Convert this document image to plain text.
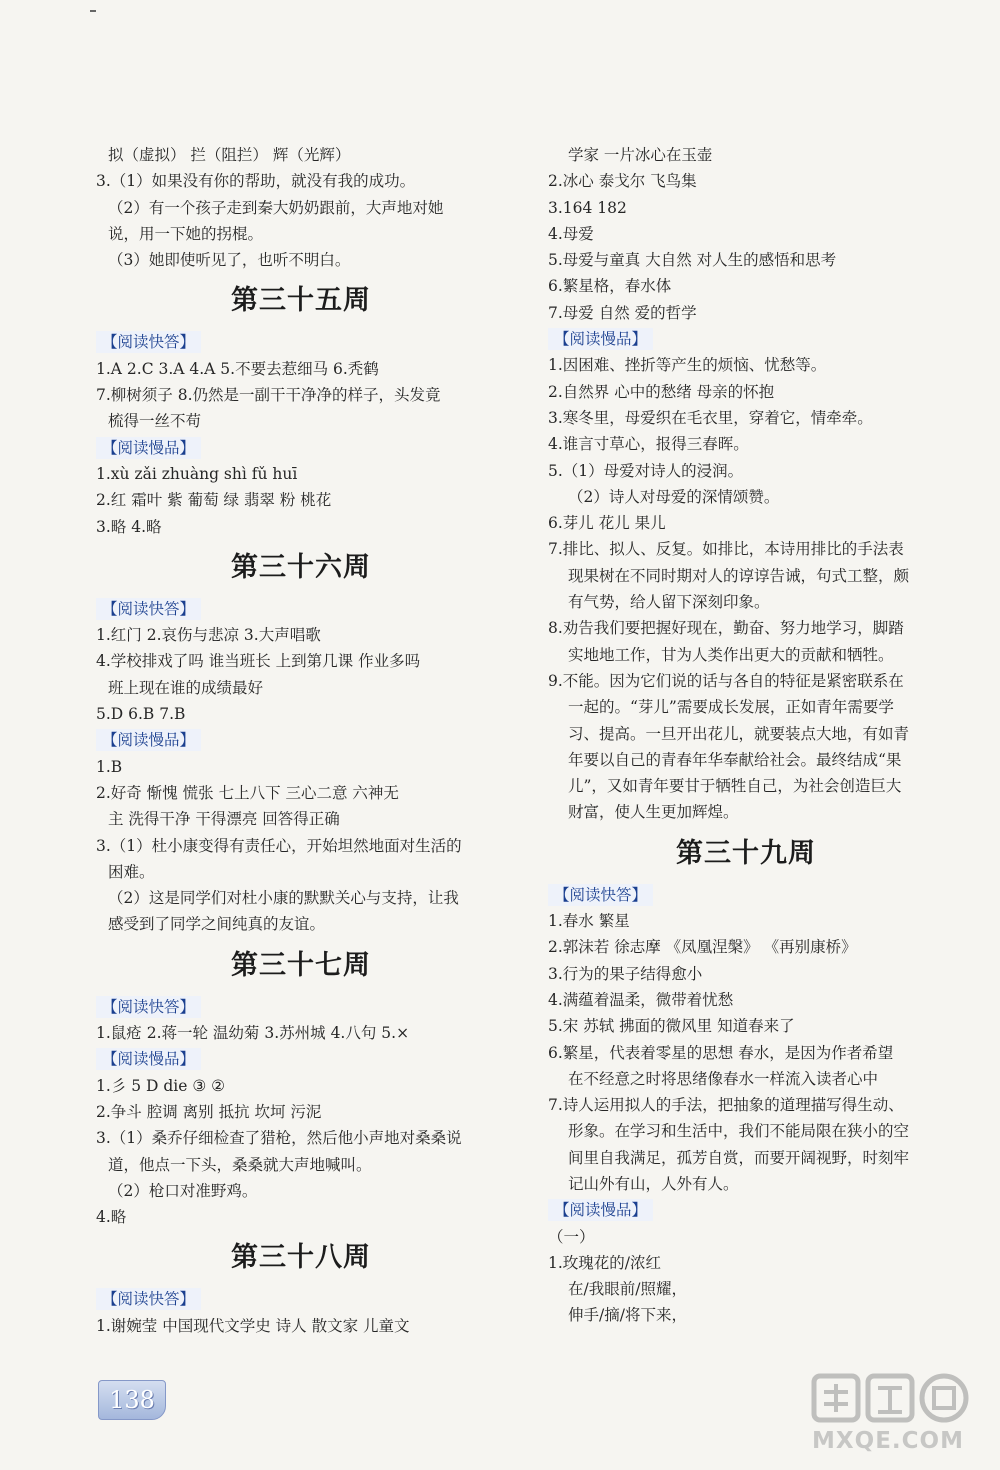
拟（虚拟） 拦（阻拦） 辉（光辉）
3.（1）如果没有你的帮助，就没有我的成功。
（2）有一个孩子走到秦大奶奶跟前，大声地对她
说，用一下她的拐棍。
（3）她即使听见了，也听不明白。
第三十五周
【阅读快答】
1.A 2.C 3.A 4.A 5.不要去惹细马 6.秃鹤
7.柳树须子 8.仍然是一副干干净净的样子，头发竟
梳得一丝不苟
【阅读慢品】
1.xù zǎi zhuàng shì fǔ huī
2.红 霜叶 紫 葡萄 绿 翡翠 粉 桃花
3.略 4.略
第三十六周
【阅读快答】
1.红门 2.哀伤与悲凉 3.大声唱歌
4.学校排戏了吗 谁当班长 上到第几课 作业多吗
班上现在谁的成绩最好
5.D 6.B 7.B
【阅读慢品】
1.B
2.好奇 惭愧 慌张 七上八下 三心二意 六神无
主 洗得干净 干得漂亮 回答得正确
3.（1）杜小康变得有责任心，开始坦然地面对生活的
困难。
（2）这是同学们对杜小康的默默关心与支持，让我
感受到了同学之间纯真的友谊。
第三十七周
【阅读快答】
1.鼠疮 2.蒋一轮 温幼菊 3.苏州城 4.八句 5.×
【阅读慢品】
1.彡 5 D die ③ ②
2.争斗 腔调 离别 抵抗 坎坷 污泥
3.（1）桑乔仔细检查了猎枪，然后他小声地对桑桑说
道，他点一下头，桑桑就大声地喊叫。
（2）枪口对准野鸡。
4.略
第三十八周
【阅读快答】
1.谢婉莹 中国现代文学史 诗人 散文家 儿童文
学家 一片冰心在玉壶
2.冰心 泰戈尔 飞鸟集
3.164 182
4.母爱
5.母爱与童真 大自然 对人生的感悟和思考
6.繁星格，春水体
7.母爱 自然 爱的哲学
【阅读慢品】
1.因困难、挫折等产生的烦恼、忧愁等。
2.自然界 心中的愁绪 母亲的怀抱
3.寒冬里，母爱织在毛衣里，穿着它，情牵牵。
4.谁言寸草心，报得三春晖。
5.（1）母爱对诗人的浸润。
（2）诗人对母爱的深情颂赞。
6.芽儿 花儿 果儿
7.排比、拟人、反复。如排比，本诗用排比的手法表
现果树在不同时期对人的谆谆告诫，句式工整，颇
有气势，给人留下深刻印象。
8.劝告我们要把握好现在，勤奋、努力地学习，脚踏
实地地工作，甘为人类作出更大的贡献和牺牲。
9.不能。因为它们说的话与各自的特征是紧密联系在
一起的。“芽儿”需要成长发展，正如青年需要学
习、提高。一旦开出花儿，就要装点大地，有如青
年要以自己的青春年华奉献给社会。最终结成“果
儿”，又如青年要甘于牺牲自己，为社会创造巨大
财富，使人生更加辉煌。
第三十九周
【阅读快答】
1.春水 繁星
2.郭沫若 徐志摩 《凤凰涅槃》 《再别康桥》
3.行为的果子结得愈小
4.满蕴着温柔，微带着忧愁
5.宋 苏轼 拂面的微风里 知道春来了
6.繁星，代表着零星的思想 春水，是因为作者希望
在不经意之时将思绪像春水一样流入读者心中
7.诗人运用拟人的手法，把抽象的道理描写得生动、
形象。在学习和生活中，我们不能局限在狭小的空
间里自我满足，孤芳自赏，而要开阔视野，时刻牢
记山外有山，人外有人。
【阅读慢品】
（一）
1.玫瑰花的/浓红
在/我眼前/照耀，
伸手/摘/将下来，
138
MXQE.COM
